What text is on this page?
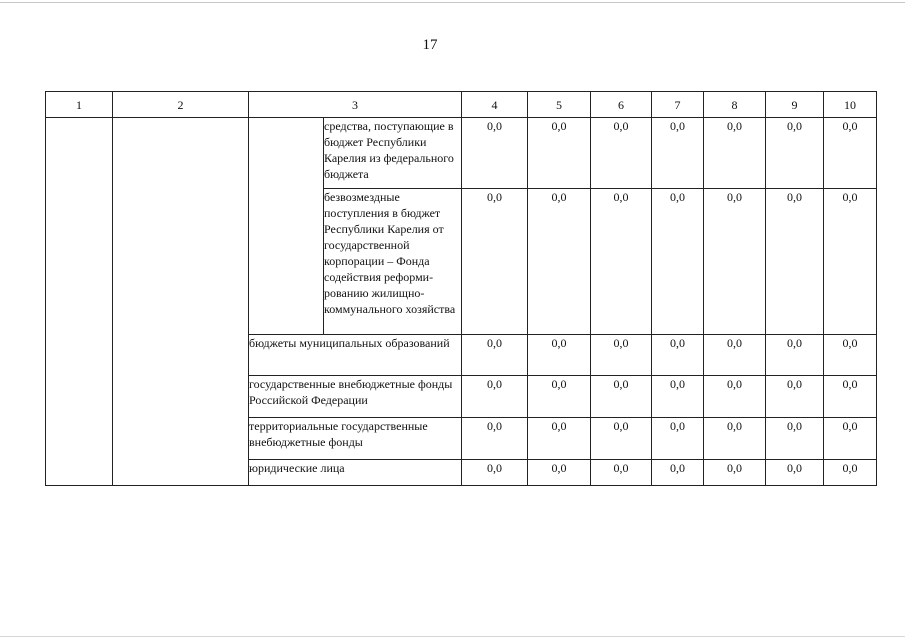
17
1	2	3		4	5	6	7	8	9	10
			средства, поступающие в бюджет Республики Карелия из федерального бюджета	0,0	0,0	0,0	0,0	0,0	0,0	0,0
			безвозмездные поступления в бюджет Республики Карелия от государственной корпорации – Фонда содействия реформи-рованию жилищно-коммунального хозяйства	0,0	0,0	0,0	0,0	0,0	0,0	0,0
		бюджеты муниципальных образований		0,0	0,0	0,0	0,0	0,0	0,0	0,0
		государственные внебюджетные фонды Российской Федерации		0,0	0,0	0,0	0,0	0,0	0,0	0,0
		территориальные государственные внебюджетные фонды		0,0	0,0	0,0	0,0	0,0	0,0	0,0
		юридические лица		0,0	0,0	0,0	0,0	0,0	0,0	0,0
